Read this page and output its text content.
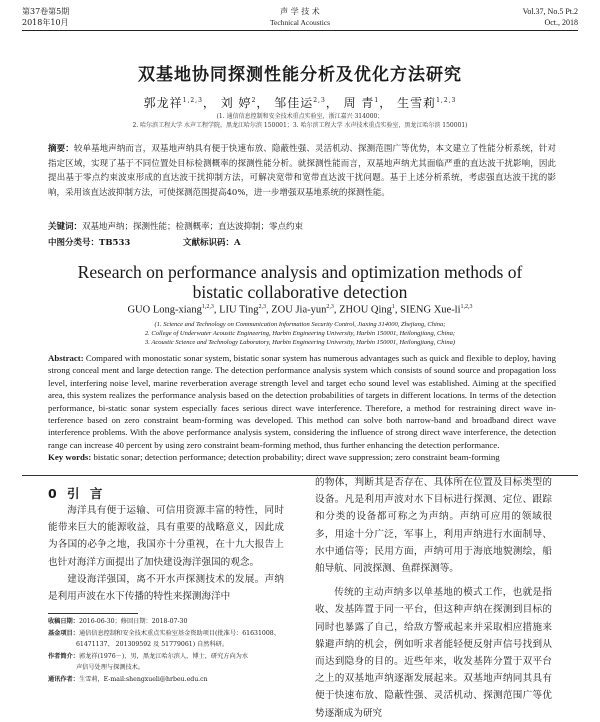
第37卷第5期
2018年10月
声 学 技 术
Technical Acoustics
Vol.37, No.5 Pt.2
Oct., 2018
双基地协同探测性能分析及优化方法研究
郭龙祥$^{1,2,3}$， 刘 婷$^2$， 邹佳运$^{2,3}$， 周 青$^1$， 生雪莉$^{1,2,3}$
(1. 通信信息控制和安全技术重点实验室，浙江嘉兴 314000；
2. 哈尔滨工程大学 水声工程学院，黑龙江哈尔滨 150001；3. 哈尔滨工程大学 水声技术重点实验室，黑龙江哈尔滨 150001)
摘要：较单基地声纳而言，双基地声纳具有便于快速布放、隐蔽性强、灵活机动、探测范围广等优势，本文建立了性能分析系统，针对指定区域，实现了基于不同位置处目标检测概率的探测性能分析。就探测性能而言，双基地声纳尤其面临严重的直达波干扰影响，因此提出基于零点约束波束形成的直达波干扰抑制方法，可解决宽带和宽带直达波干扰问题。基于上述分析系统，考虑强直达波干扰的影响，采用该直达波抑制方法，可使探测范围提高40%，进一步增强双基地系统的探测性能。
关键词：双基地声纳；探测性能；检测概率；直达波抑制；零点约束
中图分类号：TB533	文献标识码：A
Research on performance analysis and optimization methods of
bistatic collaborative detection
GUO Long-xiang$^{1,2,3}$, LIU Ting$^{2,3}$, ZOU Jia-yun$^{2,3}$, ZHOU Qing$^1$, SIENG Xue-li$^{1,2,3}$
(1. Science and Technology on Communication Information Security Control, Jiaxing 314000, Zhejiang, China;
2. College of Underwater Acoustic Engineering, Harbin Engineering University, Harbin 150001, Heilongjiang, China;
3. Acoustic Science and Technology Laboratory, Harbin Engineering University, Harbin 150001, Heilongjiang, China)
Abstract: Compared with monostatic sonar system, bistatic sonar system has numerous advantages such as quick and flexible to deploy, having strong conceal ment and large detection range. The detection performance analysis system which consists of sound source and propagation loss level, interfering noise level, marine reverberation average strength level and target echo sound level was established. Aiming at the specified area, this system realizes the performance analysis based on the detection probabilities of targets in different locations. In terms of the detection performance, bi-static sonar system especially faces serious direct wave interference. Therefore, a method for restraining direct wave in-terference based on zero constraint beam-forming was developed. This method can solve both narrow-band and broadband direct wave interference problems. With the above performance analysis system, considering the influence of strong direct wave interference, the detection range can increase 40 percent by using zero constraint beam-forming method, thus further enhancing the detection performance.
Key words: bistatic sonar; detection performance; detection probability; direct wave suppression; zero constraint beam-forming
0 引 言

海洋具有便于运输、可信用资源丰富的特性，同时能带来巨大的能源收益，具有重要的战略意义，因此成为各国的必争之地，我国亦十分重视，在十九大报告上也针对海洋方面提出了加快建设海洋强国的观念。

建设海洋强国，离不开水声探测技术的发展。声纳是利用声波在水下传播的特性来探测海洋中

的物体，判断其是否存在、具体所在位置及目标类型的设备。凡是利用声波对水下目标进行探测、定位、跟踪和分类的设备都可称之为声纳。声纳可应用的领域很多，用途十分广泛，军事上，利用声纳进行水面制导、水中通信等；民用方面，声纳可用于海底地貌测绘，船舶导航、同波探测、鱼群探测等。

传统的主动声纳多以单基地的模式工作，也就是指收、发基阵置于同一平台，但这种声纳在探测到目标的同时也暴露了自己，给敌方警戒起来并采取相应措施来躲避声纳的机会，例如听求者能轻便反射声信号找到从而达到隐身的目的。近些年来，收发基阵分置于双平台之上的双基地声纳逐渐发展起来。双基地声纳同其具有便于快速布放、隐蔽性强、灵活机动、探测范围广等优势逐渐成为研究

收稿日期：2016-06-30；修回日期：2018-07-30
基金项目：通信信息控制和安全技术重点实验室基金资助项目(批准号：61631008、
61471137、 201309592 及 51779061) 自然科研。
作者简介：郭龙祥(1976－)，男，黑龙江哈尔滨人，博士，研究方向为水
声信号处理与探测技术。
通讯作者：生雪莉，E-mail:shengxueli@hrbeu.edu.cn
